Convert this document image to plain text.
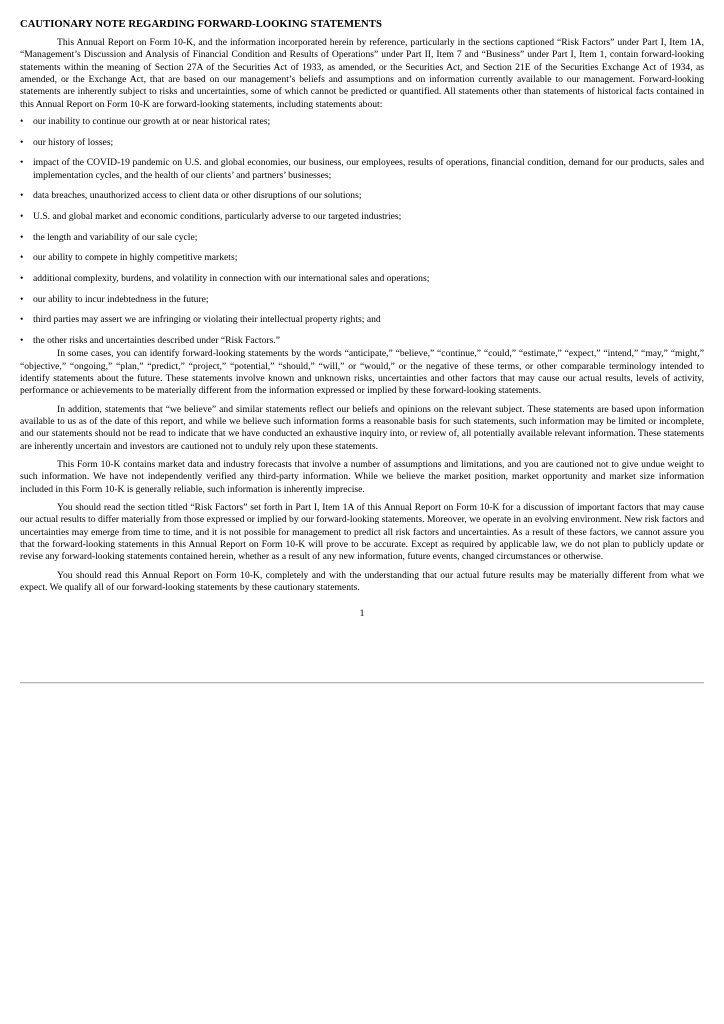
CAUTIONARY NOTE REGARDING FORWARD-LOOKING STATEMENTS

This Annual Report on Form 10-K, and the information incorporated herein by reference, particularly in the sections captioned “Risk Factors” under Part I, Item 1A, “Management’s Discussion and Analysis of Financial Condition and Results of Operations” under Part II, Item 7 and “Business” under Part I, Item 1, contain forward-looking statements within the meaning of Section 27A of the Securities Act of 1933, as amended, or the Securities Act, and Section 21E of the Securities Exchange Act of 1934, as amended, or the Exchange Act, that are based on our management’s beliefs and assumptions and on information currently available to our management. Forward-looking statements are inherently subject to risks and uncertainties, some of which cannot be predicted or quantified. All statements other than statements of historical facts contained in this Annual Report on Form 10-K are forward-looking statements, including statements about:

• our inability to continue our growth at or near historical rates;
• our history of losses;
• impact of the COVID-19 pandemic on U.S. and global economies, our business, our employees, results of operations, financial condition, demand for our products, sales and implementation cycles, and the health of our clients’ and partners’ businesses;
• data breaches, unauthorized access to client data or other disruptions of our solutions;
• U.S. and global market and economic conditions, particularly adverse to our targeted industries;
• the length and variability of our sale cycle;
• our ability to compete in highly competitive markets;
• additional complexity, burdens, and volatility in connection with our international sales and operations;
• our ability to incur indebtedness in the future;
• third parties may assert we are infringing or violating their intellectual property rights; and
• the other risks and uncertainties described under “Risk Factors.”

In some cases, you can identify forward-looking statements by the words “anticipate,” “believe,” “continue,” “could,” “estimate,” “expect,” “intend,” “may,” “might,” “objective,” “ongoing,” “plan,” “predict,” “project,” “potential,” “should,” “will,” or “would,” or the negative of these terms, or other comparable terminology intended to identify statements about the future. These statements involve known and unknown risks, uncertainties and other factors that may cause our actual results, levels of activity, performance or achievements to be materially different from the information expressed or implied by these forward-looking statements.

In addition, statements that “we believe” and similar statements reflect our beliefs and opinions on the relevant subject. These statements are based upon information available to us as of the date of this report, and while we believe such information forms a reasonable basis for such statements, such information may be limited or incomplete, and our statements should not be read to indicate that we have conducted an exhaustive inquiry into, or review of, all potentially available relevant information. These statements are inherently uncertain and investors are cautioned not to unduly rely upon these statements.

This Form 10-K contains market data and industry forecasts that involve a number of assumptions and limitations, and you are cautioned not to give undue weight to such information. We have not independently verified any third-party information. While we believe the market position, market opportunity and market size information included in this Form 10-K is generally reliable, such information is inherently imprecise.

You should read the section titled “Risk Factors” set forth in Part I, Item 1A of this Annual Report on Form 10-K for a discussion of important factors that may cause our actual results to differ materially from those expressed or implied by our forward-looking statements. Moreover, we operate in an evolving environment. New risk factors and uncertainties may emerge from time to time, and it is not possible for management to predict all risk factors and uncertainties. As a result of these factors, we cannot assure you that the forward-looking statements in this Annual Report on Form 10-K will prove to be accurate. Except as required by applicable law, we do not plan to publicly update or revise any forward-looking statements contained herein, whether as a result of any new information, future events, changed circumstances or otherwise.

You should read this Annual Report on Form 10-K, completely and with the understanding that our actual future results may be materially different from what we expect. We qualify all of our forward-looking statements by these cautionary statements.

1
